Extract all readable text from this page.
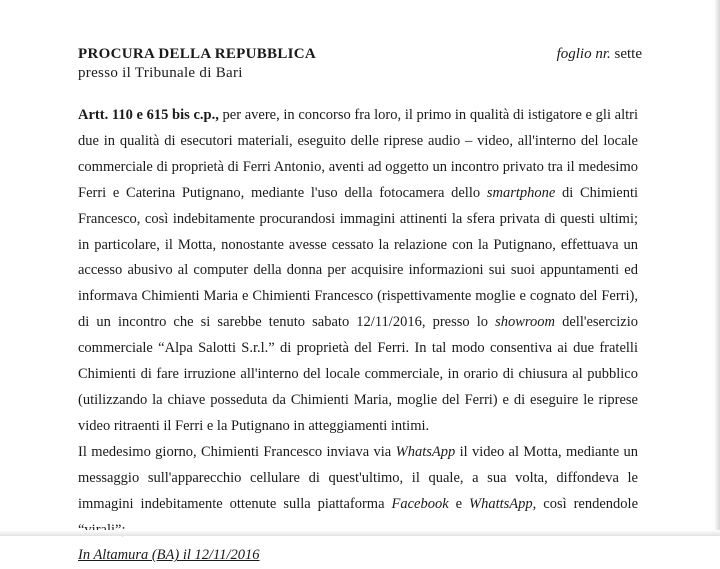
PROCURA DELLA REPUBBLICA
presso il Tribunale di Bari
foglio nr. sette

Artt. 110 e 615 bis c.p., per avere, in concorso fra loro, il primo in qualità di istigatore e gli altri due in qualità di esecutori materiali, eseguito delle riprese audio – video, all'interno del locale commerciale di proprietà di Ferri Antonio, aventi ad oggetto un incontro privato tra il medesimo Ferri e Caterina Putignano, mediante l'uso della fotocamera dello smartphone di Chimienti Francesco, così indebitamente procurandosi immagini attinenti la sfera privata di questi ultimi; in particolare, il Motta, nonostante avesse cessato la relazione con la Putignano, effettuava un accesso abusivo al computer della donna per acquisire informazioni sui suoi appuntamenti ed informava Chimienti Maria e Chimienti Francesco (rispettivamente moglie e cognato del Ferri), di un incontro che si sarebbe tenuto sabato 12/11/2016, presso lo showroom dell'esercizio commerciale “Alpa Salotti S.r.l.” di proprietà del Ferri. In tal modo consentiva ai due fratelli Chimienti di fare irruzione all'interno del locale commerciale, in orario di chiusura al pubblico (utilizzando la chiave posseduta da Chimienti Maria, moglie del Ferri) e di eseguire le riprese video ritraenti il Ferri e la Putignano in atteggiamenti intimi.

Il medesimo giorno, Chimienti Francesco inviava via WhatsApp il video al Motta, mediante un messaggio sull'apparecchio cellulare di quest'ultimo, il quale, a sua volta, diffondeva le immagini indebitamente ottenute sulla piattaforma Facebook e WhattsApp, così rendendole

In Altamura (BA) il 12/11/2016
